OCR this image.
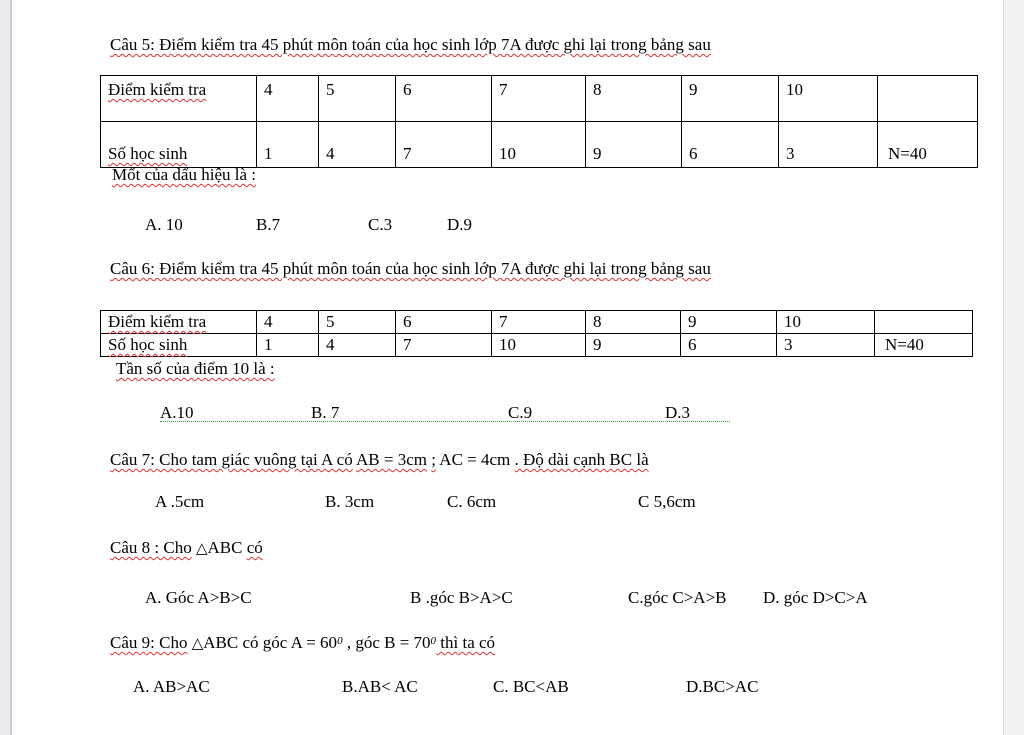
Câu 5: Điểm kiểm tra 45 phút môn toán của học sinh lớp 7A được ghi lại trong bảng sau
Điểm kiểm tra	4	5	6	7	8	9	10	
Số học sinh	1	4	7	10	9	6	3	N=40
Mốt của dấu hiệu là :
A. 10	B.7	C.3	D.9
Câu 6: Điểm kiểm tra 45 phút môn toán của học sinh lớp 7A được ghi lại trong bảng sau
Điểm kiểm tra	4	5	6	7	8	9	10	
Số học sinh	1	4	7	10	9	6	3	N=40
Tần số của điểm 10 là :
A.10	B. 7	C.9	D.3
Câu 7: Cho tam giác vuông tại A có AB = 3cm ; AC = 4cm . Độ dài cạnh BC là
A .5cm	B. 3cm	C. 6cm	C 5,6cm
Câu 8 : Cho △ABC có
A. Góc A>B>C	B .góc B>A>C	C.góc C>A>B D. góc D>C>A
Câu 9: Cho △ABC có góc $A = 60^0$ , góc $B = 70^0$ thì ta có
A. AB>AC	B.AB< AC	C. BC<AB	D.BC>AC
